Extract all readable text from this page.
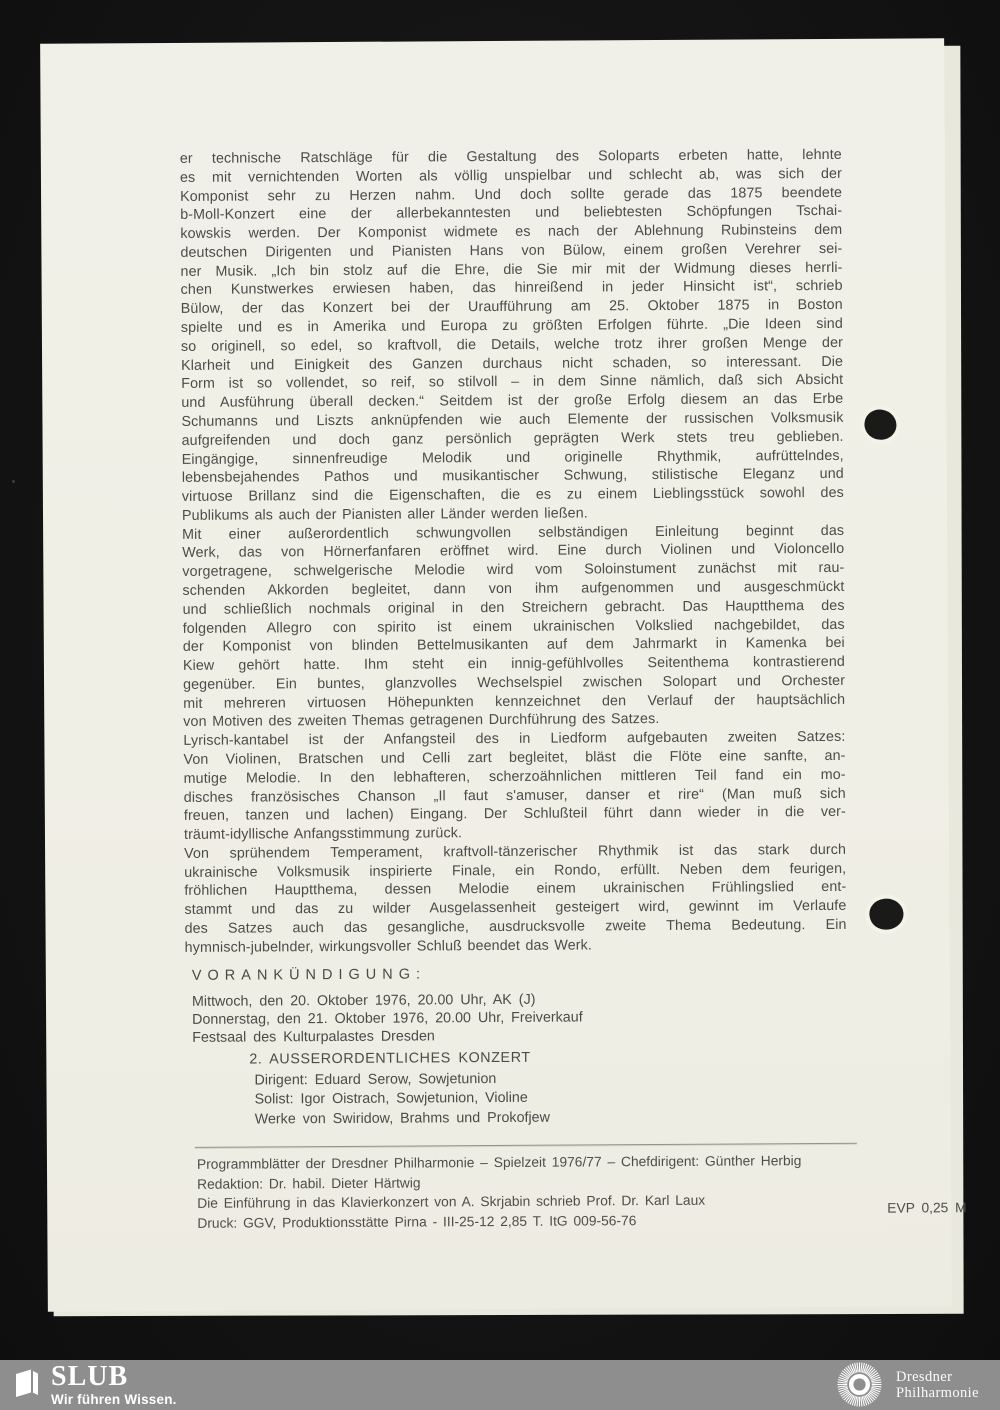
er technische Ratschläge für die Gestaltung des Soloparts erbeten hatte, lehnte
es mit vernichtenden Worten als völlig unspielbar und schlecht ab, was sich der
Komponist sehr zu Herzen nahm. Und doch sollte gerade das 1875 beendete
b-Moll-Konzert eine der allerbekanntesten und beliebtesten Schöpfungen Tschai-
kowskis werden. Der Komponist widmete es nach der Ablehnung Rubinsteins dem
deutschen Dirigenten und Pianisten Hans von Bülow, einem großen Verehrer sei-
ner Musik. „Ich bin stolz auf die Ehre, die Sie mir mit der Widmung dieses herrli-
chen Kunstwerkes erwiesen haben, das hinreißend in jeder Hinsicht ist“, schrieb
Bülow, der das Konzert bei der Uraufführung am 25. Oktober 1875 in Boston
spielte und es in Amerika und Europa zu größten Erfolgen führte. „Die Ideen sind
so originell, so edel, so kraftvoll, die Details, welche trotz ihrer großen Menge der
Klarheit und Einigkeit des Ganzen durchaus nicht schaden, so interessant. Die
Form ist so vollendet, so reif, so stilvoll – in dem Sinne nämlich, daß sich Absicht
und Ausführung überall decken.“ Seitdem ist der große Erfolg diesem an das Erbe
Schumanns und Liszts anknüpfenden wie auch Elemente der russischen Volksmusik
aufgreifenden und doch ganz persönlich geprägten Werk stets treu geblieben.
Eingängige, sinnenfreudige Melodik und originelle Rhythmik, aufrüttelndes,
lebensbejahendes Pathos und musikantischer Schwung, stilistische Eleganz und
virtuose Brillanz sind die Eigenschaften, die es zu einem Lieblingsstück sowohl des
Publikums als auch der Pianisten aller Länder werden ließen.
Mit einer außerordentlich schwungvollen selbständigen Einleitung beginnt das
Werk, das von Hörnerfanfaren eröffnet wird. Eine durch Violinen und Violoncello
vorgetragene, schwelgerische Melodie wird vom Soloinstument zunächst mit rau-
schenden Akkorden begleitet, dann von ihm aufgenommen und ausgeschmückt
und schließlich nochmals original in den Streichern gebracht. Das Hauptthema des
folgenden Allegro con spirito ist einem ukrainischen Volkslied nachgebildet, das
der Komponist von blinden Bettelmusikanten auf dem Jahrmarkt in Kamenka bei
Kiew gehört hatte. Ihm steht ein innig-gefühlvolles Seitenthema kontrastierend
gegenüber. Ein buntes, glanzvolles Wechselspiel zwischen Solopart und Orchester
mit mehreren virtuosen Höhepunkten kennzeichnet den Verlauf der hauptsächlich
von Motiven des zweiten Themas getragenen Durchführung des Satzes.
Lyrisch-kantabel ist der Anfangsteil des in Liedform aufgebauten zweiten Satzes:
Von Violinen, Bratschen und Celli zart begleitet, bläst die Flöte eine sanfte, an-
mutige Melodie. In den lebhafteren, scherzoähnlichen mittleren Teil fand ein mo-
disches französisches Chanson „Il faut s'amuser, danser et rire“ (Man muß sich
freuen, tanzen und lachen) Eingang. Der Schlußteil führt dann wieder in die ver-
träumt-idyllische Anfangsstimmung zurück.
Von sprühendem Temperament, kraftvoll-tänzerischer Rhythmik ist das stark durch
ukrainische Volksmusik inspirierte Finale, ein Rondo, erfüllt. Neben dem feurigen,
fröhlichen Hauptthema, dessen Melodie einem ukrainischen Frühlingslied ent-
stammt und das zu wilder Ausgelassenheit gesteigert wird, gewinnt im Verlaufe
des Satzes auch das gesangliche, ausdrucksvolle zweite Thema Bedeutung. Ein
hymnisch-jubelnder, wirkungsvoller Schluß beendet das Werk.
VORANKÜNDIGUNG:
Mittwoch, den 20. Oktober 1976, 20.00 Uhr, AK (J)
Donnerstag, den 21. Oktober 1976, 20.00 Uhr, Freiverkauf
Festsaal des Kulturpalastes Dresden
2. AUSSERORDENTLICHES KONZERT
Dirigent: Eduard Serow, Sowjetunion
Solist: Igor Oistrach, Sowjetunion, Violine
Werke von Swiridow, Brahms und Prokofjew
Programmblätter der Dresdner Philharmonie – Spielzeit 1976/77 – Chefdirigent: Günther Herbig
Redaktion: Dr. habil. Dieter Härtwig
Die Einführung in das Klavierkonzert von A. Skrjabin schrieb Prof. Dr. Karl Laux
Druck: GGV, Produktionsstätte Pirna - III-25-12 2,85 T. ItG 009-56-76
EVP 0,25 M
SLUB
Wir führen Wissen.
Dresdner
Philharmonie
